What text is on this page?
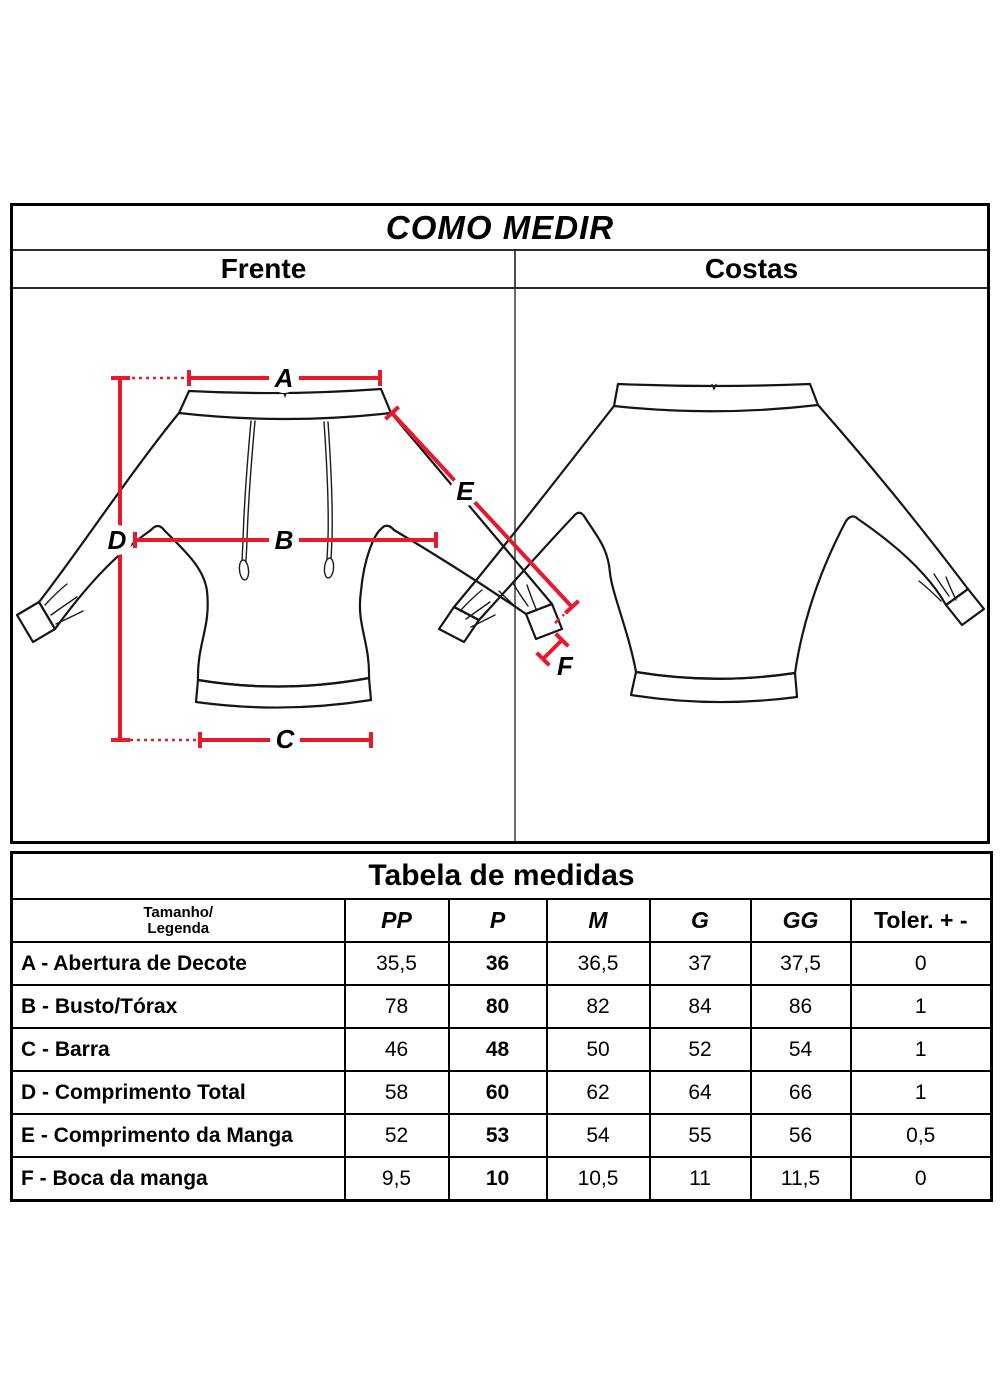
COMO MEDIR
Frente	Costas
A
B
C
D
E
F
Tabela de medidas						
Tamanho/
Legenda	PP	P	M	G	GG	Toler. + -
A - Abertura de Decote	35,5	36	36,5	37	37,5	0
B - Busto/Tórax	78	80	82	84	86	1
C - Barra	46	48	50	52	54	1
D - Comprimento Total	58	60	62	64	66	1
E - Comprimento da Manga	52	53	54	55	56	0,5
F - Boca da manga	9,5	10	10,5	11	11,5	0
